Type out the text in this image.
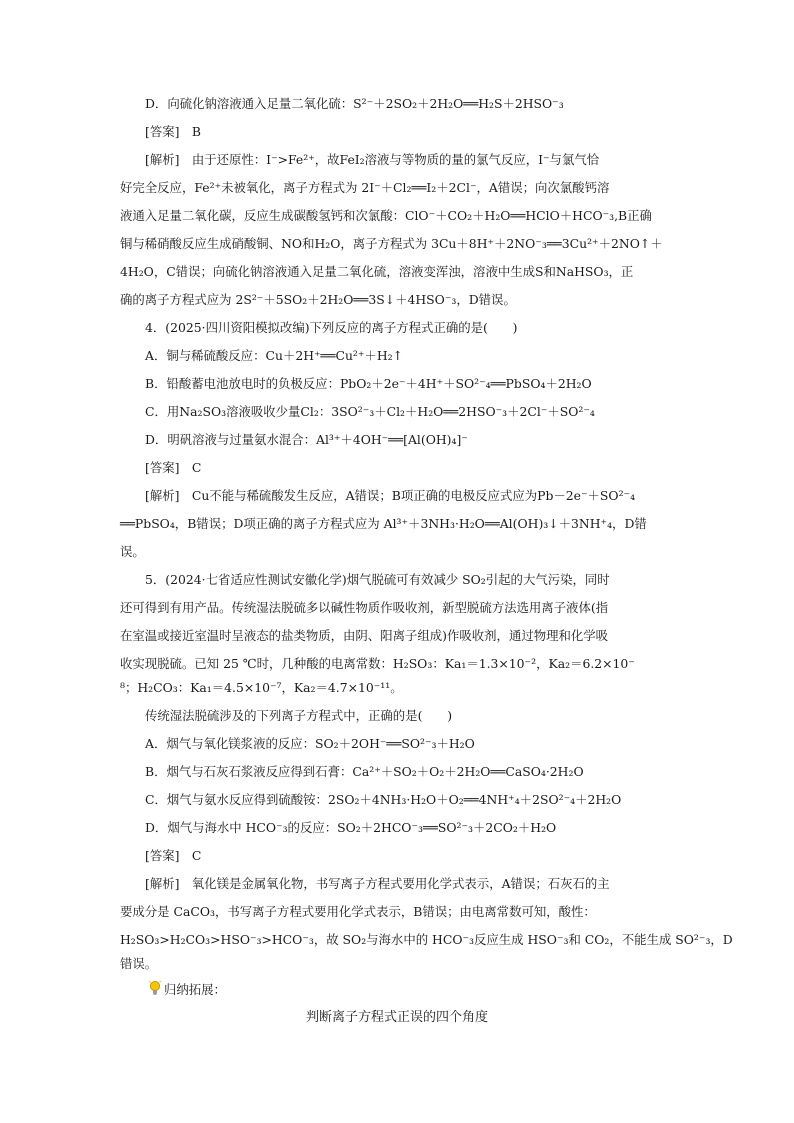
D．向硫化钠溶液通入足量二氧化硫：S²⁻＋2SO₂＋2H₂O══H₂S＋2HSO⁻₃
[答案]　B
[解析]　由于还原性：I⁻>Fe²⁺，故FeI₂溶液与等物质的量的氯气反应，I⁻与氯气恰
好完全反应，Fe²⁺未被氧化，离子方程式为 2I⁻＋Cl₂══I₂＋2Cl⁻，A错误；向次氯酸钙溶
液通入足量二氧化碳，反应生成碳酸氢钙和次氯酸：ClO⁻＋CO₂＋H₂O══HClO＋HCO⁻₃,B正确
铜与稀硝酸反应生成硝酸铜、NO和H₂O，离子方程式为 3Cu＋8H⁺＋2NO⁻₃══3Cu²⁺＋2NO↑＋
4H₂O，C错误；向硫化钠溶液通入足量二氧化硫，溶液变浑浊，溶液中生成S和NaHSO₃，正
确的离子方程式应为 2S²⁻＋5SO₂＋2H₂O══3S↓＋4HSO⁻₃，D错误。
4．(2025·四川资阳模拟改编)下列反应的离子方程式正确的是(　　)
A．铜与稀硫酸反应：Cu＋2H⁺══Cu²⁺＋H₂↑
B．铅酸蓄电池放电时的负极反应：PbO₂＋2e⁻＋4H⁺＋SO²⁻₄══PbSO₄＋2H₂O
C．用Na₂SO₃溶液吸收少量Cl₂：3SO²⁻₃＋Cl₂＋H₂O══2HSO⁻₃＋2Cl⁻＋SO²⁻₄
D．明矾溶液与过量氨水混合：Al³⁺＋4OH⁻══[Al(OH)₄]⁻
[答案]　C
[解析]　Cu不能与稀硫酸发生反应，A错误；B项正确的电极反应式应为Pb－2e⁻＋SO²⁻₄
══PbSO₄，B错误；D项正确的离子方程式应为 Al³⁺＋3NH₃·H₂O══Al(OH)₃↓＋3NH⁺₄，D错
误。
5．(2024·七省适应性测试安徽化学)烟气脱硫可有效减少 SO₂引起的大气污染，同时
还可得到有用产品。传统湿法脱硫多以碱性物质作吸收剂，新型脱硫方法选用离子液体(指
在室温或接近室温时呈液态的盐类物质，由阴、阳离子组成)作吸收剂，通过物理和化学吸
收实现脱硫。已知 25 ℃时，几种酸的电离常数：H₂SO₃：Ka₁＝1.3×10⁻²，Ka₂＝6.2×10⁻
⁸；H₂CO₃：Ka₁＝4.5×10⁻⁷，Ka₂＝4.7×10⁻¹¹。
传统湿法脱硫涉及的下列离子方程式中，正确的是(　　)
A．烟气与氧化镁浆液的反应：SO₂＋2OH⁻══SO²⁻₃＋H₂O
B．烟气与石灰石浆液反应得到石膏：Ca²⁺＋SO₂＋O₂＋2H₂O══CaSO₄·2H₂O
C．烟气与氨水反应得到硫酸铵：2SO₂＋4NH₃·H₂O＋O₂══4NH⁺₄＋2SO²⁻₄＋2H₂O
D．烟气与海水中 HCO⁻₃的反应：SO₂＋2HCO⁻₃══SO²⁻₃＋2CO₂＋H₂O
[答案]　C
[解析]　氧化镁是金属氧化物，书写离子方程式要用化学式表示，A错误；石灰石的主
要成分是 CaCO₃，书写离子方程式要用化学式表示，B错误；由电离常数可知，酸性：
H₂SO₃>H₂CO₃>HSO⁻₃>HCO⁻₃，故 SO₂与海水中的 HCO⁻₃反应生成 HSO⁻₃和 CO₂，不能生成 SO²⁻₃，D
错误。
归纳拓展：
判断离子方程式正误的四个角度
